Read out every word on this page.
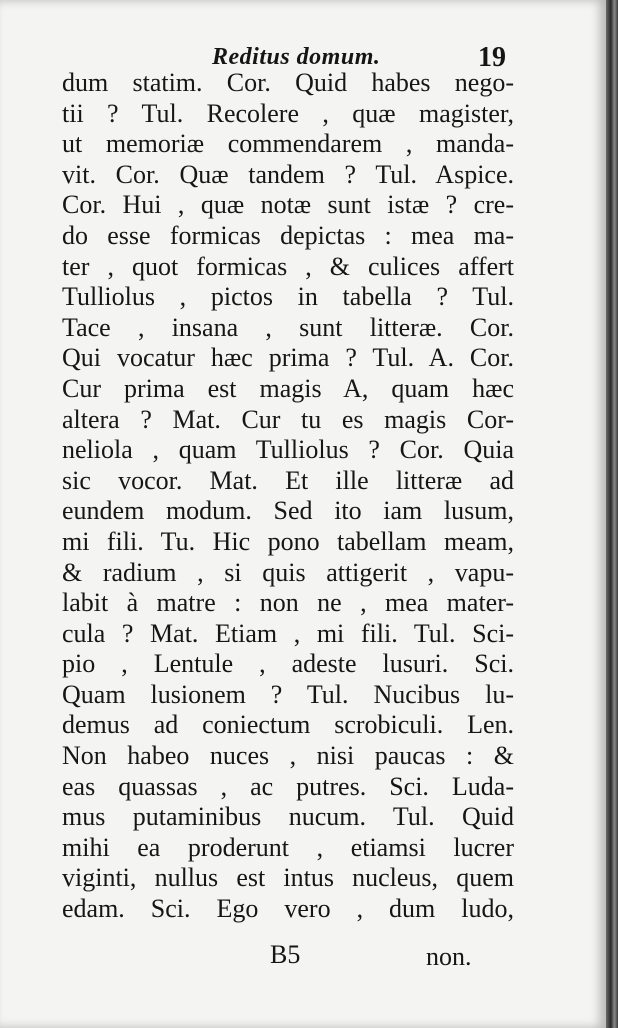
Reditus domum.	19
dum statim. Cor. Quid habes nego-
tii ? Tul. Recolere , quæ magister,
ut memoriæ commendarem , manda-
vit. Cor. Quæ tandem ? Tul. Aspice.
Cor. Hui , quæ notæ sunt istæ ? cre-
do esse formicas depictas : mea ma-
ter , quot formicas , & culices affert
Tulliolus , pictos in tabella ? Tul.
Tace , insana , sunt litteræ. Cor.
Qui vocatur hæc prima ? Tul. A. Cor.
Cur prima est magis A, quam hæc
altera ? Mat. Cur tu es magis Cor-
neliola , quam Tulliolus ? Cor. Quia
sic vocor. Mat. Et ille litteræ ad
eundem modum. Sed ito iam lusum,
mi fili. Tu. Hic pono tabellam meam,
& radium , si quis attigerit , vapu-
labit à matre : non ne , mea mater-
cula ? Mat. Etiam , mi fili. Tul. Sci-
pio , Lentule , adeste lusuri. Sci.
Quam lusionem ? Tul. Nucibus lu-
demus ad coniectum scrobiculi. Len.
Non habeo nuces , nisi paucas : &
eas quassas , ac putres. Sci. Luda-
mus putaminibus nucum. Tul. Quid
mihi ea proderunt , etiamsi lucrer
viginti, nullus est intus nucleus, quem
edam. Sci. Ego vero , dum ludo,
B5	non.
